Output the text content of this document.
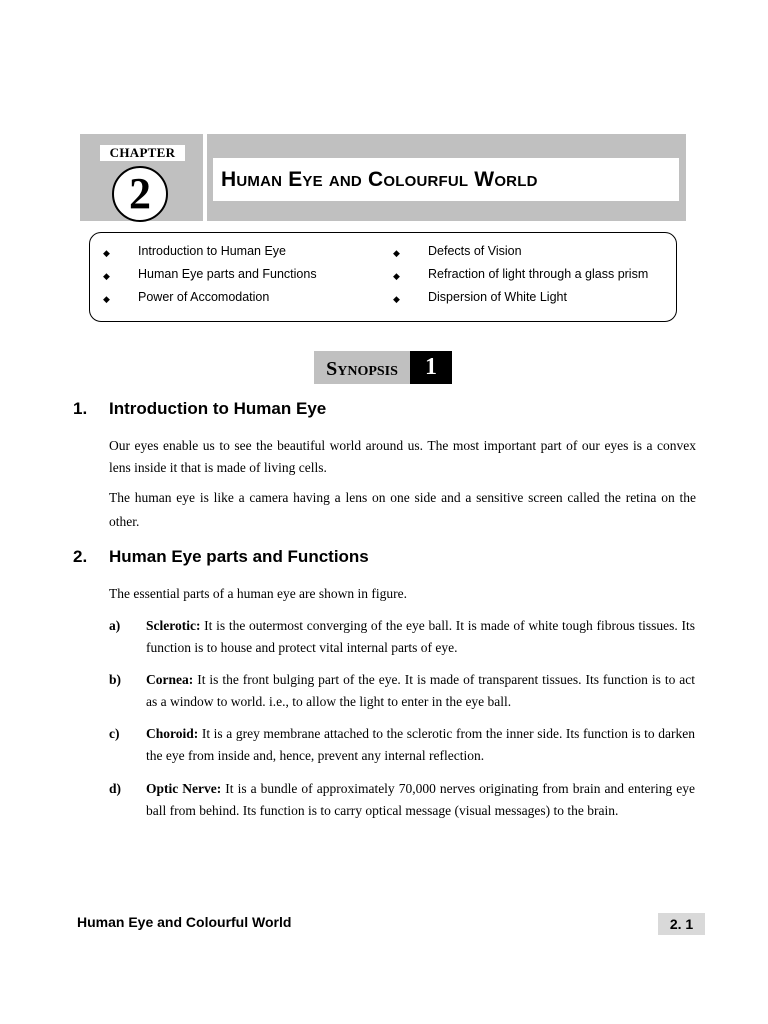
CHAPTER
2	Human Eye and Colourful World
◆ Introduction to Human Eye
◆ Human Eye parts and Functions
◆ Power of Accomodation
◆ Defects of Vision
◆ Refraction of light through a glass prism
◆ Dispersion of White Light
Synopsis	1
1. Introduction to Human Eye
Our eyes enable us to see the beautiful world around us. The most important part of our eyes is a convex lens inside it that is made of living cells.
The human eye is like a camera having a lens on one side and a sensitive screen called the retina on the other.
2. Human Eye parts and Functions
The essential parts of a human eye are shown in figure.
a) Sclerotic: It is the outermost converging of the eye ball. It is made of white tough fibrous tissues. Its function is to house and protect vital internal parts of eye.
b) Cornea: It is the front bulging part of the eye. It is made of transparent tissues. Its function is to act as a window to world. i.e., to allow the light to enter in the eye ball.
c) Choroid: It is a grey membrane attached to the sclerotic from the inner side. Its function is to darken the eye from inside and, hence, prevent any internal reflection.
d) Optic Nerve: It is a bundle of approximately 70,000 nerves originating from brain and entering eye ball from behind. Its function is to carry optical message (visual messages) to the brain.
Human Eye and Colourful World	2. 1
